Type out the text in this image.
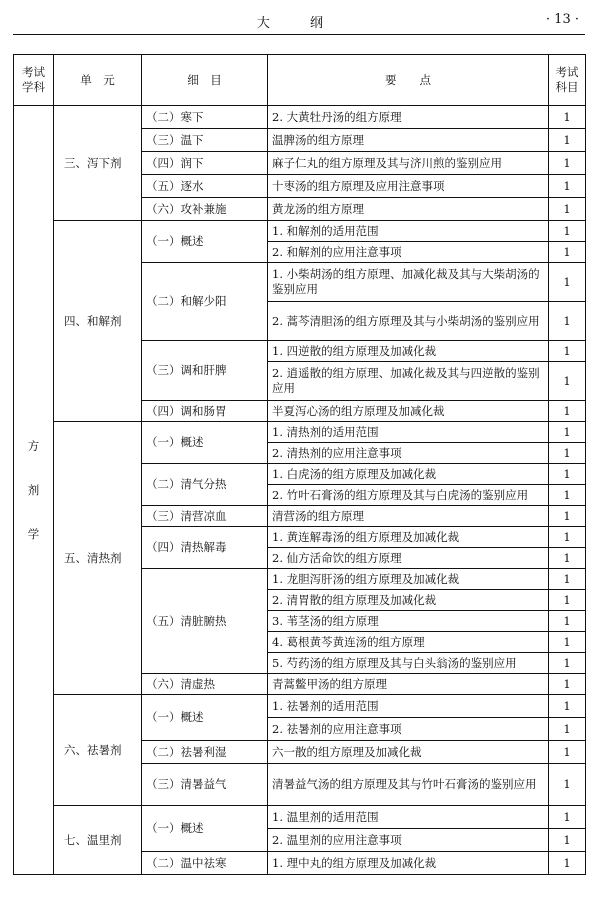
大 纲	· 13 ·
考试
学科	单　元	细　目	要　　点	考试
科目
方
剂
学	三、泻下剂	（二）寒下	2. 大黄牡丹汤的组方原理	1
		（三）温下	温脾汤的组方原理	1
		（四）润下	麻子仁丸的组方原理及其与济川煎的鉴别应用	1
		（五）逐水	十枣汤的组方原理及应用注意事项	1
		（六）攻补兼施	黄龙汤的组方原理	1
	四、和解剂	（一）概述	1. 和解剂的适用范围	1
			2. 和解剂的应用注意事项	1
		（二）和解少阳	1. 小柴胡汤的组方原理、加减化裁及其与大柴胡汤的鉴别应用	1
			2. 蒿芩清胆汤的组方原理及其与小柴胡汤的鉴别应用	1
		（三）调和肝脾	1. 四逆散的组方原理及加减化裁	1
			2. 逍遥散的组方原理、加减化裁及其与四逆散的鉴别应用	1
		（四）调和肠胃	半夏泻心汤的组方原理及加减化裁	1
	五、清热剂	（一）概述	1. 清热剂的适用范围	1
			2. 清热剂的应用注意事项	1
		（二）清气分热	1. 白虎汤的组方原理及加减化裁	1
			2. 竹叶石膏汤的组方原理及其与白虎汤的鉴别应用	1
		（三）清营凉血	清营汤的组方原理	1
		（四）清热解毒	1. 黄连解毒汤的组方原理及加减化裁	1
			2. 仙方活命饮的组方原理	1
		（五）清脏腑热	1. 龙胆泻肝汤的组方原理及加减化裁	1
			2. 清胃散的组方原理及加减化裁	1
			3. 苇茎汤的组方原理	1
			4. 葛根黄芩黄连汤的组方原理	1
			5. 芍药汤的组方原理及其与白头翁汤的鉴别应用	1
		（六）清虚热	青蒿鳖甲汤的组方原理	1
	六、祛暑剂	（一）概述	1. 祛暑剂的适用范围	1
			2. 祛暑剂的应用注意事项	1
		（二）祛暑利湿	六一散的组方原理及加减化裁	1
		（三）清暑益气	清暑益气汤的组方原理及其与竹叶石膏汤的鉴别应用	1
	七、温里剂	（一）概述	1. 温里剂的适用范围	1
			2. 温里剂的应用注意事项	1
		（二）温中祛寒	1. 理中丸的组方原理及加减化裁	1
